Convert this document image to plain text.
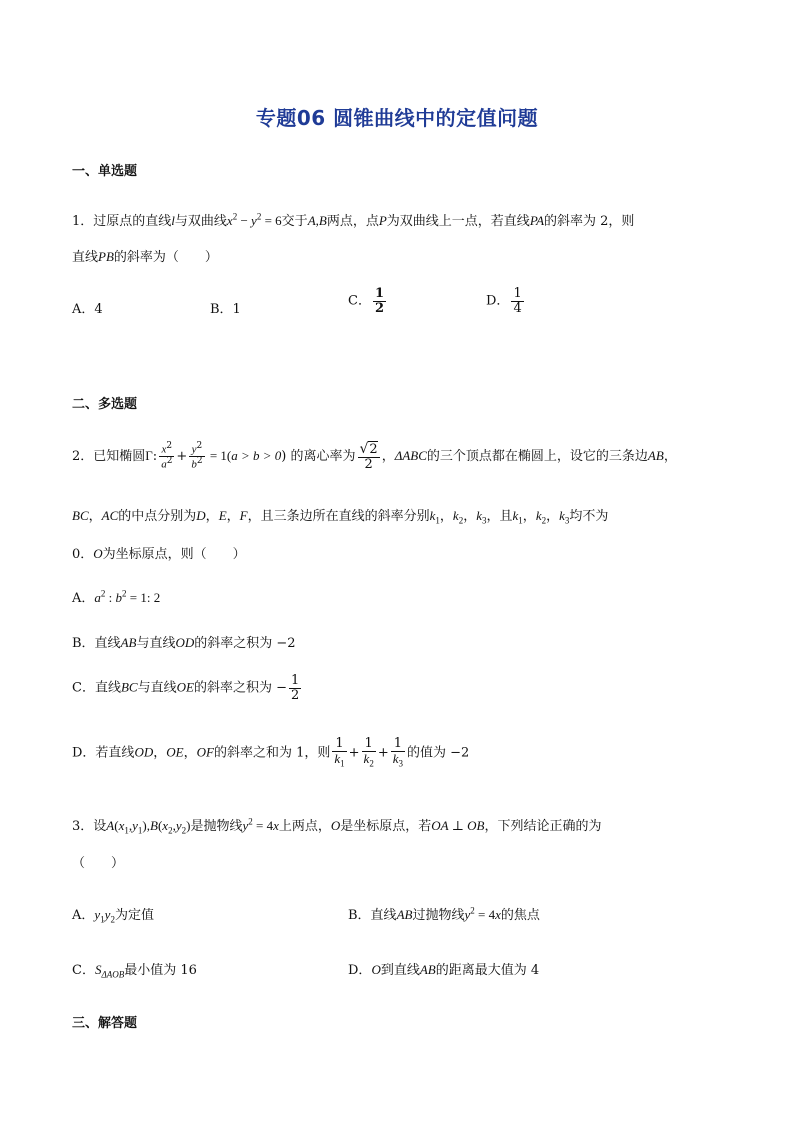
专题06 圆锥曲线中的定值问题
一、单选题
1．过原点的直线l与双曲线$x^2 - y^2 = 6$交于A,B两点，点P为双曲线上一点，若直线PA的斜率为 2，则
直线PB的斜率为（　　）
A．4	B．1
C． $\frac{1}{2}$	D． $\frac{1}{4}$
二、多选题
2．已知椭圆Γ: $\frac{x^2}{a^2} + \frac{y^2}{b^2} = 1(a > b > 0)$ 的离心率为 $\frac{√2}{2}$ ，ΔABC的三个顶点都在椭圆上，设它的三条边AB，
BC，AC的中点分别为D，E，F，且三条边所在直线的斜率分别$k_1$，$k_2$，$k_3$，且$k_1$，$k_2$，$k_3$均不为
0．O为坐标原点，则（　　）
A．$a^2$ : $b^2 = 1$: 2
B．直线AB与直线OD的斜率之积为 −2
C．直线BC与直线OE的斜率之积为 − $\frac{1}{2}$
D．若直线OD，OE，OF的斜率之和为 1，则 $\frac{1}{k_1} + \frac{1}{k_2} + \frac{1}{k_3}$ 的值为 −2
3．设$A(x_1,y_1),B(x_2,y_2)$是抛物线$y^2 = 4x$上两点，O是坐标原点，若OA ⊥ OB，下列结论正确的为
（　　）
A．$y_1y_2$为定值	B．直线AB过抛物线$y^2 = 4x$的焦点
C．$S_{\Delta AOB}$最小值为 16	D．O到直线AB的距离最大值为 4
三、解答题
